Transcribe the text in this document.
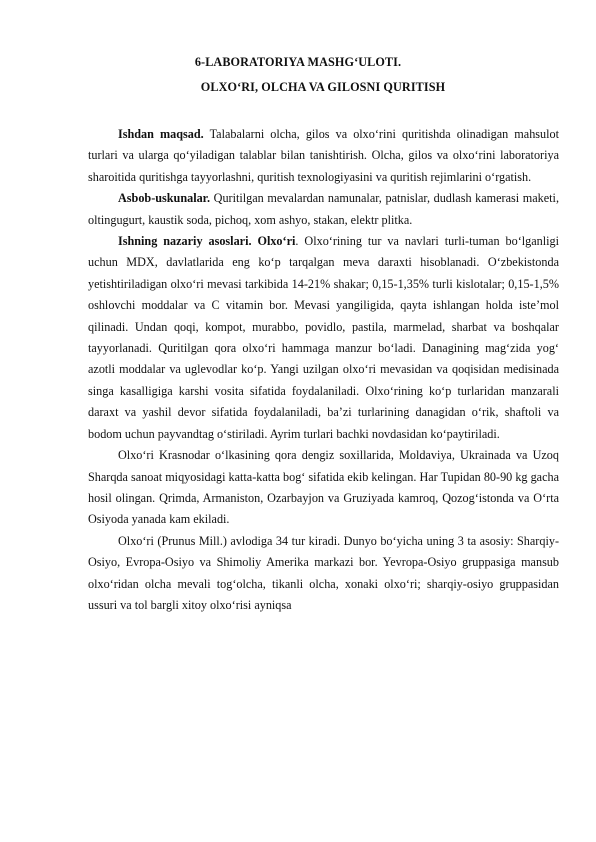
6-LABORATORIYA MASHG‘ULOTI.
OLXO‘RI, OLCHA VA GILOSNI QURITISH

Ishdan maqsad. Talabalarni olcha, gilos va olxo‘rini quritishda olinadigan mahsulot turlari va ularga qo‘yiladigan talablar bilan tanishtirish. Olcha, gilos va olxo‘rini laboratoriya sharoitida quritishga tayyorlashni, quritish texnologiyasini va quritish rejimlarini o‘rgatish.

Asbob-uskunalar. Quritilgan mevalardan namunalar, patnislar, dudlash kamerasi maketi, oltingugurt, kaustik soda, pichoq, xom ashyo, stakan, elektr plitka.

Ishning nazariy asoslari. Olxo‘ri. Olxo‘rining tur va navlari turli-tuman bo‘lganligi uchun MDX, davlatlarida eng ko‘p tarqalgan meva daraxti hisoblanadi. O‘zbekistonda yetishtiriladigan olxo‘ri mevasi tarkibida 14-21% shakar; 0,15-1,35% turli kislotalar; 0,15-1,5% oshlovchi moddalar va C vitamin bor. Mevasi yangiligida, qayta ishlangan holda iste’mol qilinadi. Undan qoqi, kompot, murabbo, povidlo, pastila, marmelad, sharbat va boshqalar tayyorlanadi. Quritilgan qora olxo‘ri hammaga manzur bo‘ladi. Danagining mag‘zida yog‘ azotli moddalar va uglevodlar ko‘p. Yangi uzilgan olxo‘ri mevasidan va qoqisidan medisinada singa kasalligiga karshi vosita sifatida foydalaniladi. Olxo‘rining ko‘p turlaridan manzarali daraxt va yashil devor sifatida foydalaniladi, ba’zi turlarining danagidan o‘rik, shaftoli va bodom uchun payvandtag o‘stiriladi. Ayrim turlari bachki novdasidan ko‘paytiriladi.

Olxo‘ri Krasnodar o‘lkasining qora dengiz soxillarida, Moldaviya, Ukrainada va Uzoq Sharqda sanoat miqyosidagi katta-katta bog‘ sifatida ekib kelingan. Har Tupidan 80-90 kg gacha hosil olingan. Qrimda, Armaniston, Ozarbayjon va Gruziyada kamroq, Qozog‘istonda va O‘rta Osiyoda yanada kam ekiladi.

Olxo‘ri (Prunus Mill.) avlodiga 34 tur kiradi. Dunyo bo‘yicha uning 3 ta asosiy: Sharqiy-Osiyo, Evropa-Osiyo va Shimoliy Amerika markazi bor. Yevropa-Osiyo gruppasiga mansub olxo‘ridan olcha mevali tog‘olcha, tikanli olcha, xonaki olxo‘ri; sharqiy-osiyo gruppasidan ussuri va tol bargli xitoy olxo‘risi ayniqsa
